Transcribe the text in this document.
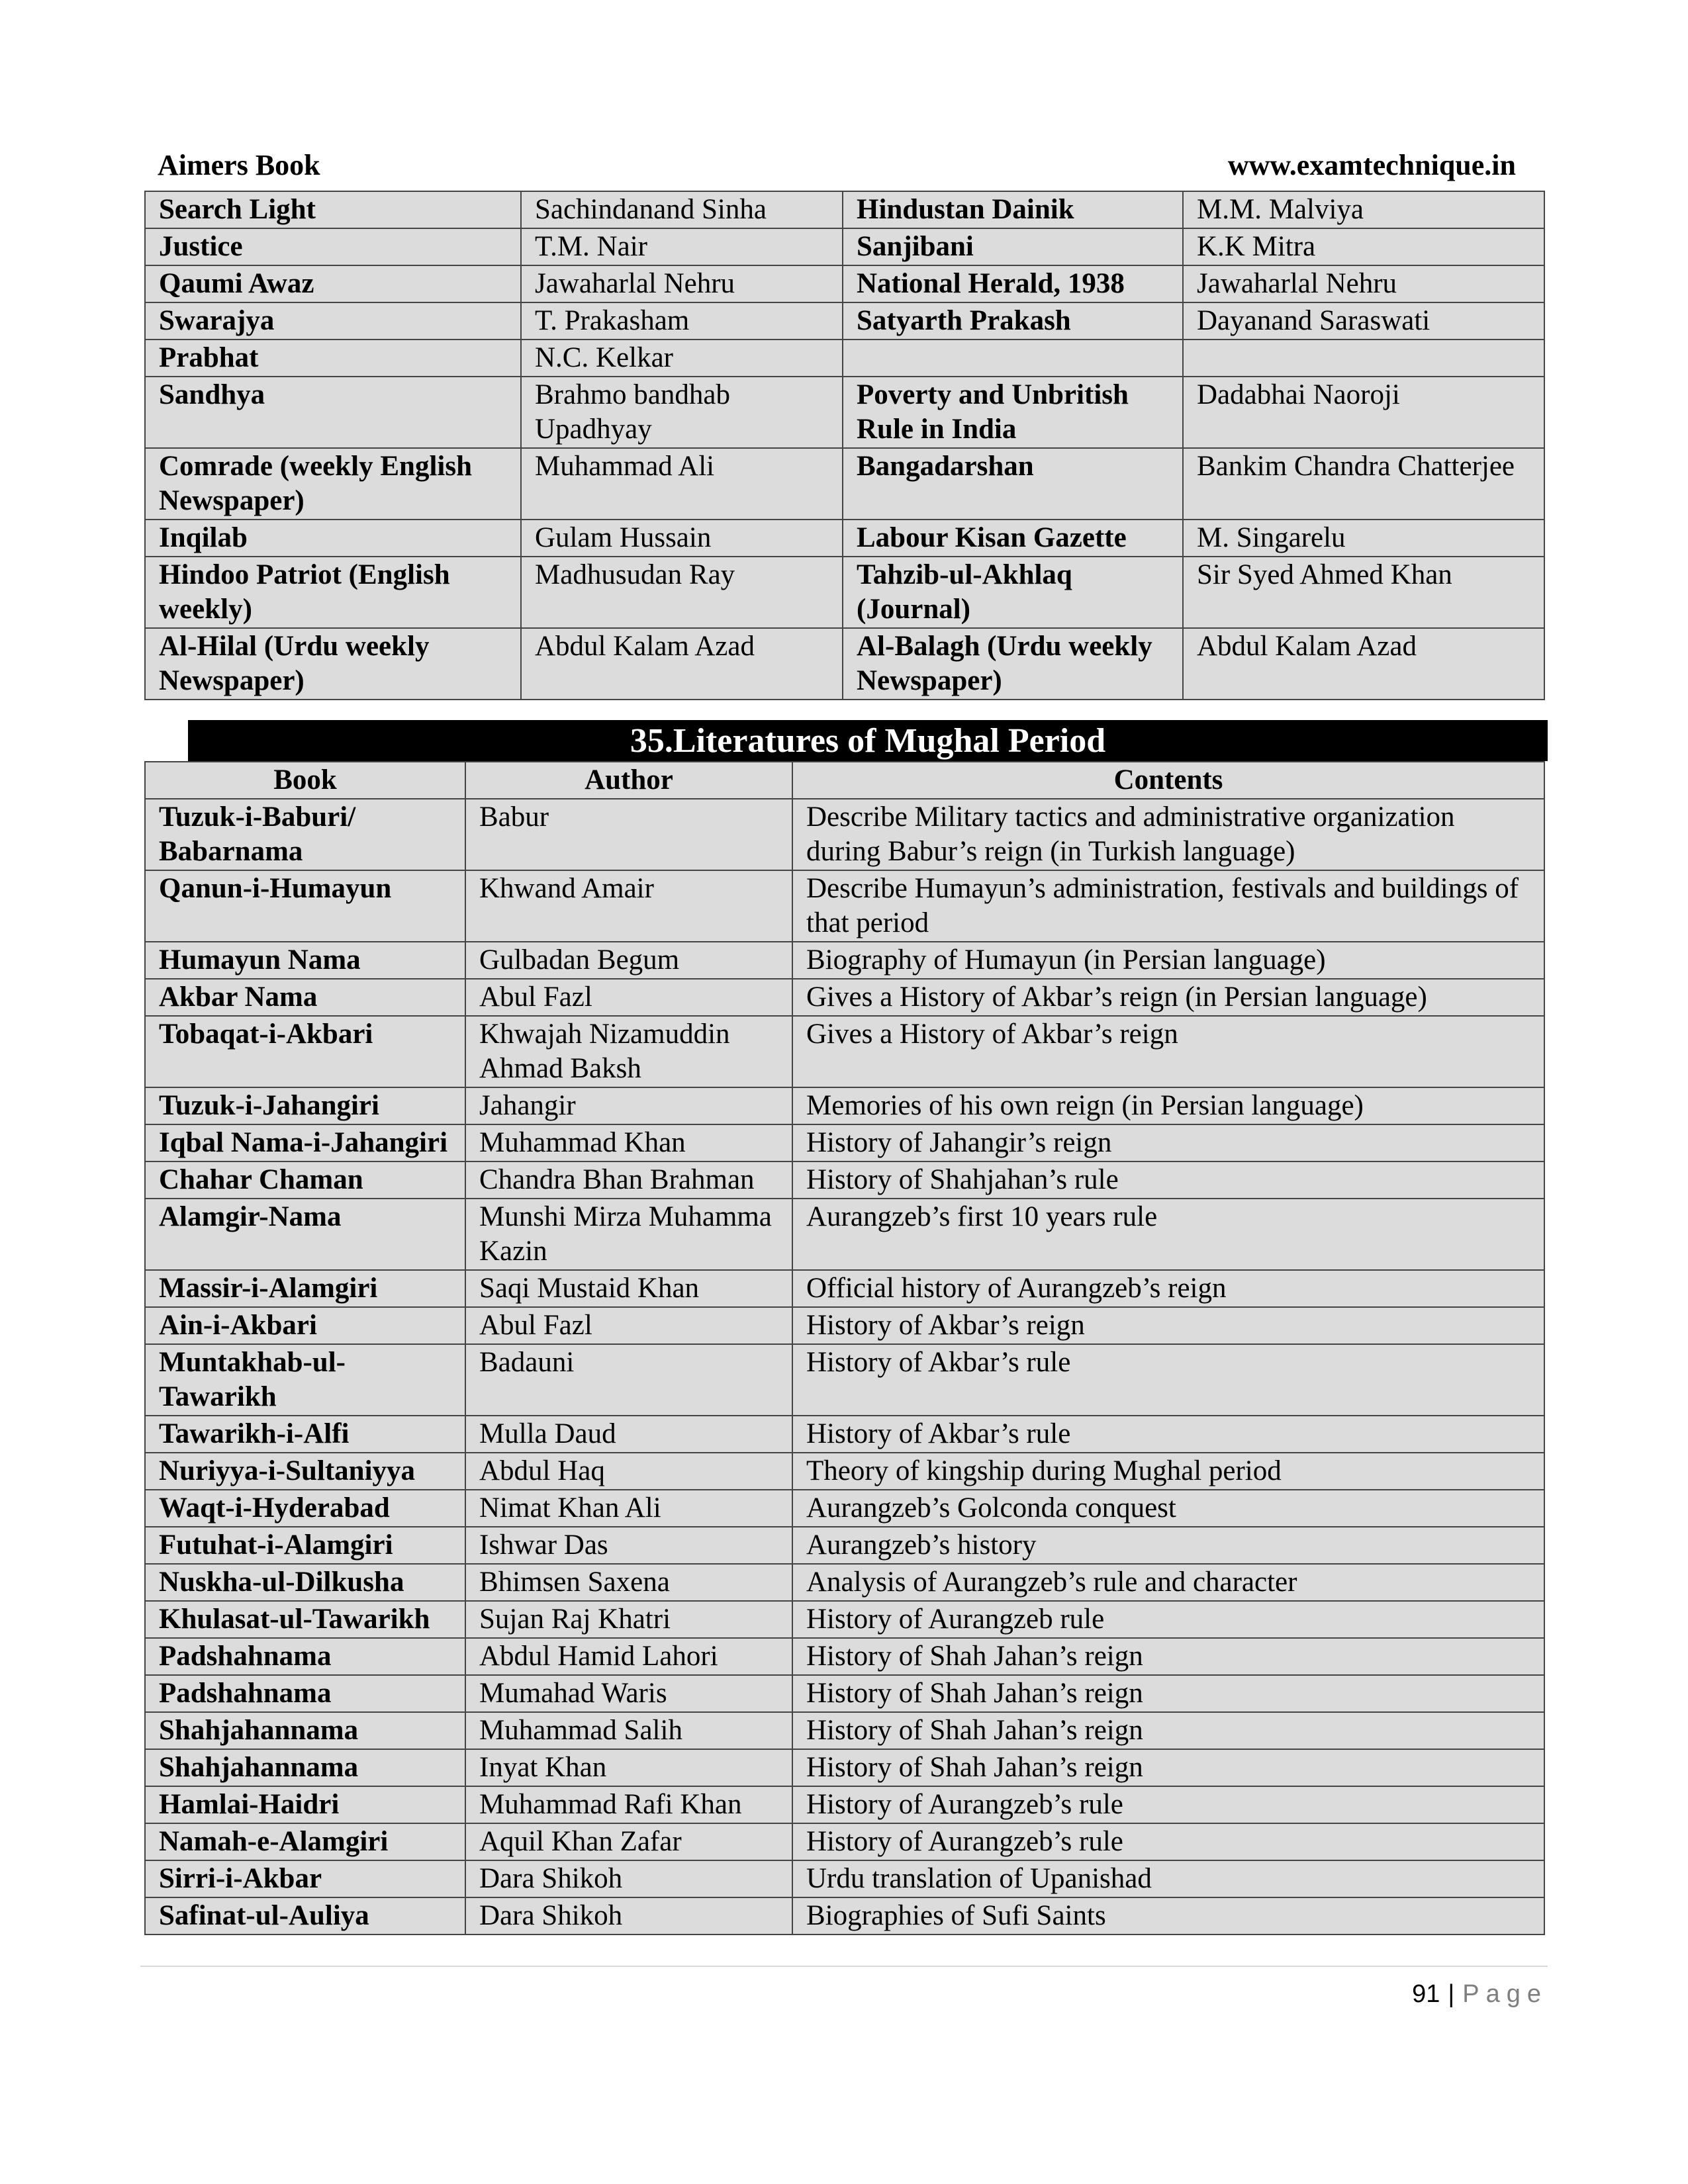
Aimers Book	www.examtechnique.in
Search Light	Sachindanand Sinha	Hindustan Dainik	M.M. Malviya
Justice	T.M. Nair	Sanjibani	K.K Mitra
Qaumi Awaz	Jawaharlal Nehru	National Herald, 1938	Jawaharlal Nehru
Swarajya	T. Prakasham	Satyarth Prakash	Dayanand Saraswati
Prabhat	N.C. Kelkar		
Sandhya	Brahmo bandhab Upadhyay	Poverty and Unbritish Rule in India	Dadabhai Naoroji
Comrade (weekly English Newspaper)	Muhammad Ali	Bangadarshan	Bankim Chandra Chatterjee
Inqilab	Gulam Hussain	Labour Kisan Gazette	M. Singarelu
Hindoo Patriot (English weekly)	Madhusudan Ray	Tahzib-ul-Akhlaq (Journal)	Sir Syed Ahmed Khan
Al-Hilal (Urdu weekly Newspaper)	Abdul Kalam Azad	Al-Balagh (Urdu weekly Newspaper)	Abdul Kalam Azad
35.Literatures of Mughal Period
Book	Author	Contents
Tuzuk-i-Baburi/ Babarnama	Babur	Describe Military tactics and administrative organization during Babur’s reign (in Turkish language)
Qanun-i-Humayun	Khwand Amair	Describe Humayun’s administration, festivals and buildings of that period
Humayun Nama	Gulbadan Begum	Biography of Humayun (in Persian language)
Akbar Nama	Abul Fazl	Gives a History of Akbar’s reign (in Persian language)
Tobaqat-i-Akbari	Khwajah Nizamuddin Ahmad Baksh	Gives a History of Akbar’s reign
Tuzuk-i-Jahangiri	Jahangir	Memories of his own reign (in Persian language)
Iqbal Nama-i-Jahangiri	Muhammad Khan	History of Jahangir’s reign
Chahar Chaman	Chandra Bhan Brahman	History of Shahjahan’s rule
Alamgir-Nama	Munshi Mirza Muhamma Kazin	Aurangzeb’s first 10 years rule
Massir-i-Alamgiri	Saqi Mustaid Khan	Official history of Aurangzeb’s reign
Ain-i-Akbari	Abul Fazl	History of Akbar’s reign
Muntakhab-ul-Tawarikh	Badauni	History of Akbar’s rule
Tawarikh-i-Alfi	Mulla Daud	History of Akbar’s rule
Nuriyya-i-Sultaniyya	Abdul Haq	Theory of kingship during Mughal period
Waqt-i-Hyderabad	Nimat Khan Ali	Aurangzeb’s Golconda conquest
Futuhat-i-Alamgiri	Ishwar Das	Aurangzeb’s history
Nuskha-ul-Dilkusha	Bhimsen Saxena	Analysis of Aurangzeb’s rule and character
Khulasat-ul-Tawarikh	Sujan Raj Khatri	History of Aurangzeb rule
Padshahnama	Abdul Hamid Lahori	History of Shah Jahan’s reign
Padshahnama	Mumahad Waris	History of Shah Jahan’s reign
Shahjahannama	Muhammad Salih	History of Shah Jahan’s reign
Shahjahannama	Inyat Khan	History of Shah Jahan’s reign
Hamlai-Haidri	Muhammad Rafi Khan	History of Aurangzeb’s rule
Namah-e-Alamgiri	Aquil Khan Zafar	History of Aurangzeb’s rule
Sirri-i-Akbar	Dara Shikoh	Urdu translation of Upanishad
Safinat-ul-Auliya	Dara Shikoh	Biographies of Sufi Saints
91 | Page
